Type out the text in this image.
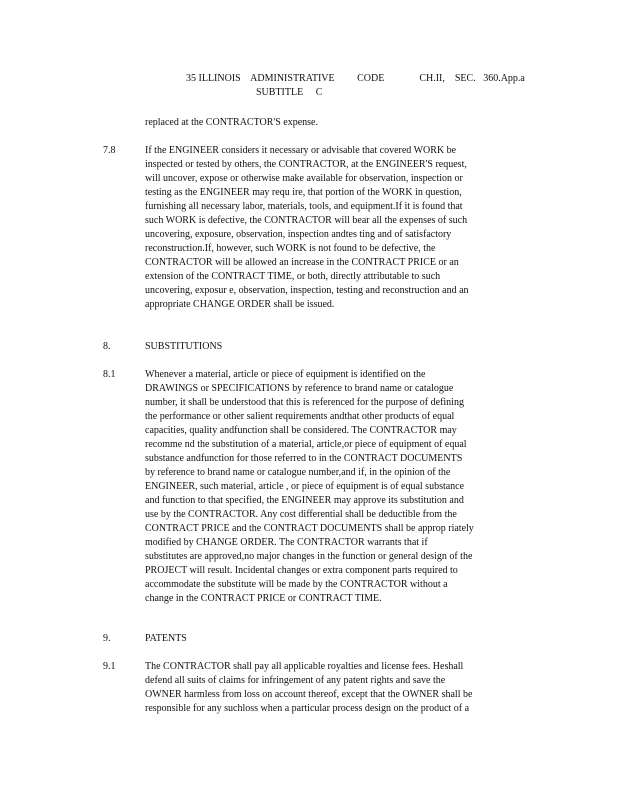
35 ILLINOIS    ADMINISTRATIVE         CODE              CH.II,    SEC.   360.App.a
SUBTITLE     C
replaced at the CONTRACTOR'S expense.
7.8	If the ENGINEER considers it necessary or advisable that covered WORK be
inspected or tested by others, the CONTRACTOR, at the ENGINEER'S request,
will uncover, expose or otherwise make available for observation, inspection or
testing as the ENGINEER may requ ire, that portion of the WORK in question,
furnishing all necessary labor, materials, tools, and equipment.If it is found that
such WORK is defective, the CONTRACTOR will bear all the expenses of such
uncovering, exposure, observation, inspection andtes ting and of satisfactory
reconstruction.If, however, such WORK is not found to be defective, the
CONTRACTOR will be allowed an increase in the CONTRACT PRICE or an
extension of the CONTRACT TIME, or both, directly attributable to such
uncovering, exposur e, observation, inspection, testing and reconstruction and an
appropriate CHANGE ORDER shall be issued.
8.	SUBSTITUTIONS
8.1	Whenever a material, article or piece of equipment is identified on the
DRAWINGS or SPECIFICATIONS by reference to brand name or catalogue
number, it shall be understood that this is referenced for the purpose of defining
the performance or other salient requirements andthat other products of equal
capacities, quality andfunction shall be considered. The CONTRACTOR may
recomme nd the substitution of a material, article,or piece of equipment of equal
substance andfunction for those referred to in the CONTRACT DOCUMENTS
by reference to brand name or catalogue number,and if, in the opinion of the
ENGINEER, such material, article , or piece of equipment is of equal substance
and function to that specified, the ENGINEER may approve its substitution and
use by the CONTRACTOR. Any cost differential shall be deductible from the
CONTRACT PRICE and the CONTRACT DOCUMENTS shall be approp riately
modified by CHANGE ORDER. The CONTRACTOR warrants that if
substitutes are approved,no major changes in the function or general design of the
PROJECT will result. Incidental changes or extra component parts required to
accommodate the substitute will be made by the CONTRACTOR without a
change in the CONTRACT PRICE or CONTRACT TIME.
9.	PATENTS
9.1	The CONTRACTOR shall pay all applicable royalties and license fees. Heshall
defend all suits of claims for infringement of any patent rights and save the
OWNER harmless from loss on account thereof, except that the OWNER shall be
responsible for any suchloss when a particular process design on the product of a
